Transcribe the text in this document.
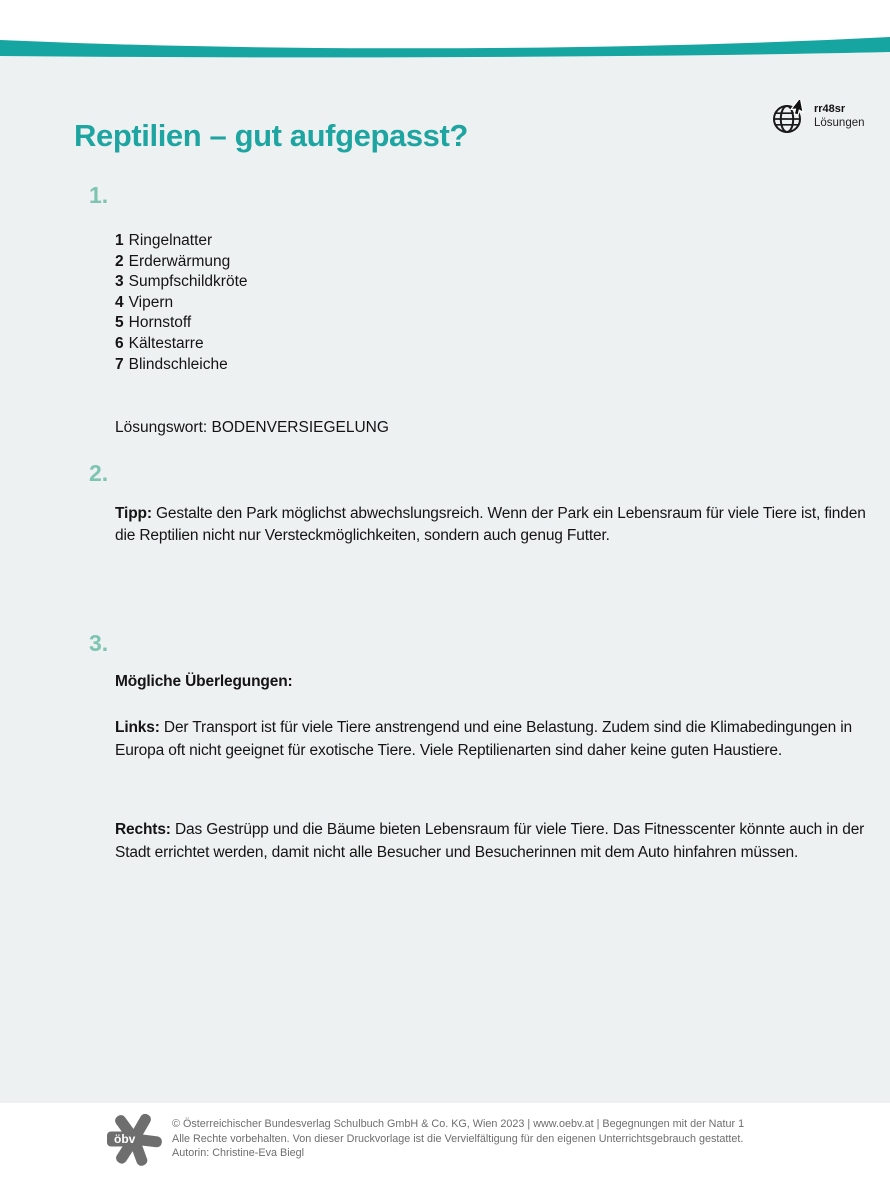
Reptilien – gut aufgepasst?
rr48sr
Lösungen
1.
1 Ringelnatter
2 Erderwärmung
3 Sumpfschildkröte
4 Vipern
5 Hornstoff
6 Kältestarre
7 Blindschleiche
Lösungswort: BODENVERSIEGELUNG
2.

Tipp: Gestalte den Park möglichst abwechslungsreich. Wenn der Park ein Lebensraum für viele Tiere ist, finden die Reptilien nicht nur Versteckmöglichkeiten, sondern auch genug Futter.

3.

Mögliche Überlegungen:

Links: Der Transport ist für viele Tiere anstrengend und eine Belastung. Zudem sind die Klimabedingungen in Europa oft nicht geeignet für exotische Tiere. Viele Reptilienarten sind daher keine guten Haustiere.

Rechts: Das Gestrüpp und die Bäume bieten Lebensraum für viele Tiere. Das Fitnesscenter könnte auch in der Stadt errichtet werden, damit nicht alle Besucher und Besucherinnen mit dem Auto hinfahren müssen.

öbv
© Österreichischer Bundesverlag Schulbuch GmbH & Co. KG, Wien 2023 | www.oebv.at | Begegnungen mit der Natur 1
Alle Rechte vorbehalten. Von dieser Druckvorlage ist die Vervielfältigung für den eigenen Unterrichtsgebrauch gestattet.
Autorin: Christine-Eva Biegl
